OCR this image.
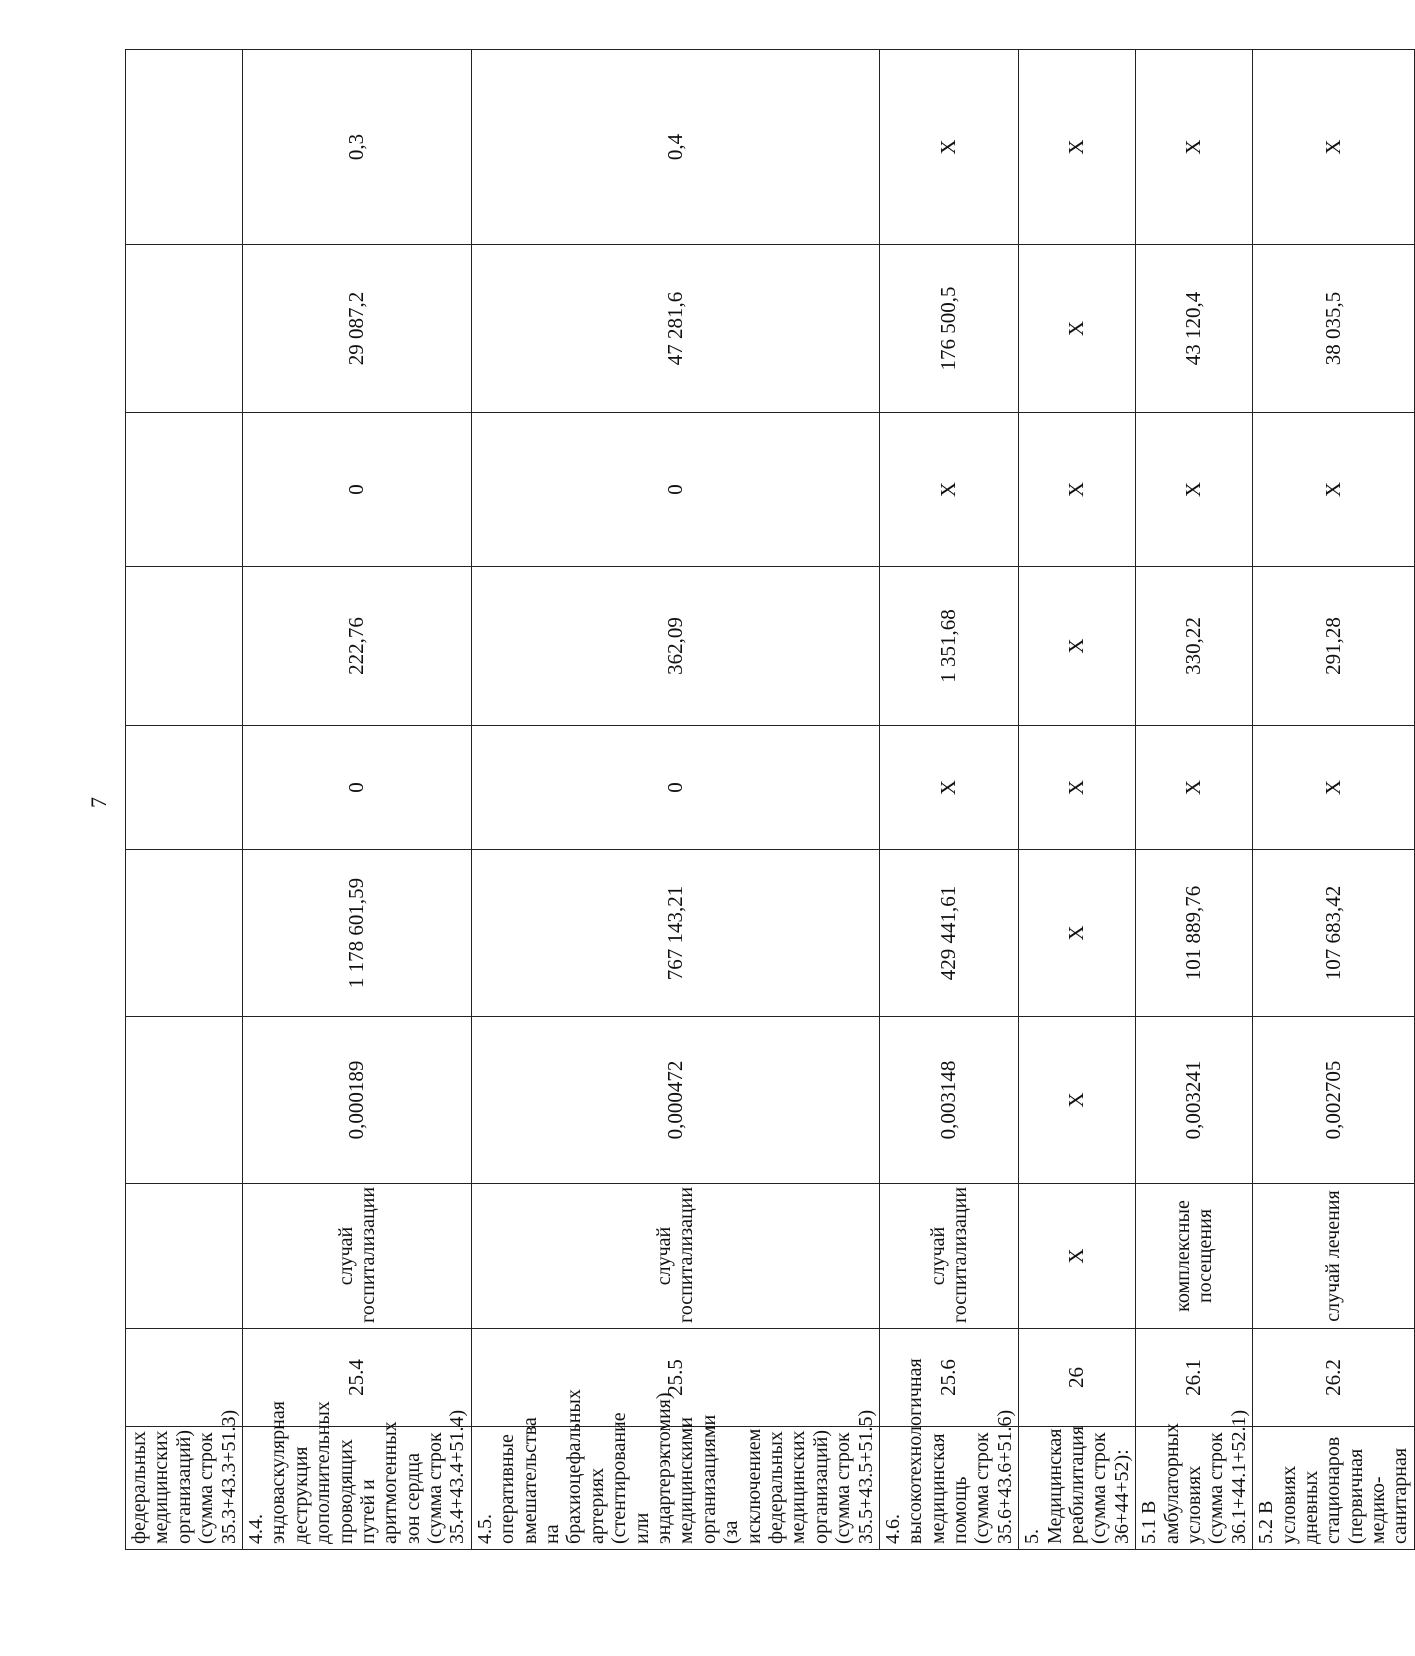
7
федеральных медицинских организаций) (сумма строк 35.3+43.3+51.3)									
4.4. эндоваскулярная деструкция дополнительных проводящих путей и аритмогенных зон сердца (сумма строк 35.4+43.4+51.4)	25.4	случай госпитализации	0,000189	1 178 601,59	0	222,76	0	29 087,2	0,3
4.5. оперативные вмешательства на брахиоцефальных артериях (стентирование или эндартерэктомия) медицинскими организациями (за исключением федеральных медицинских организаций) (сумма строк 35.5+43.5+51.5)	25.5	случай госпитализации	0,000472	767 143,21	0	362,09	0	47 281,6	0,4
4.6. высокотехнологичная медицинская помощь (сумма строк 35.6+43.6+51.6)	25.6	случай госпитализации	0,003148	429 441,61	X	1 351,68	X	176 500,5	X
5. Медицинская реабилитация (сумма строк 36+44+52):	26	X	X	X	X	X	X	X	X
5.1 В амбулаторных условиях (сумма строк 36.1+44.1+52.1)	26.1	комплексные посещения	0,003241	101 889,76	X	330,22	X	43 120,4	X
5.2 В условиях дневных стационаров (первичная медико-санитарная	26.2	случай лечения	0,002705	107 683,42	X	291,28	X	38 035,5	X
